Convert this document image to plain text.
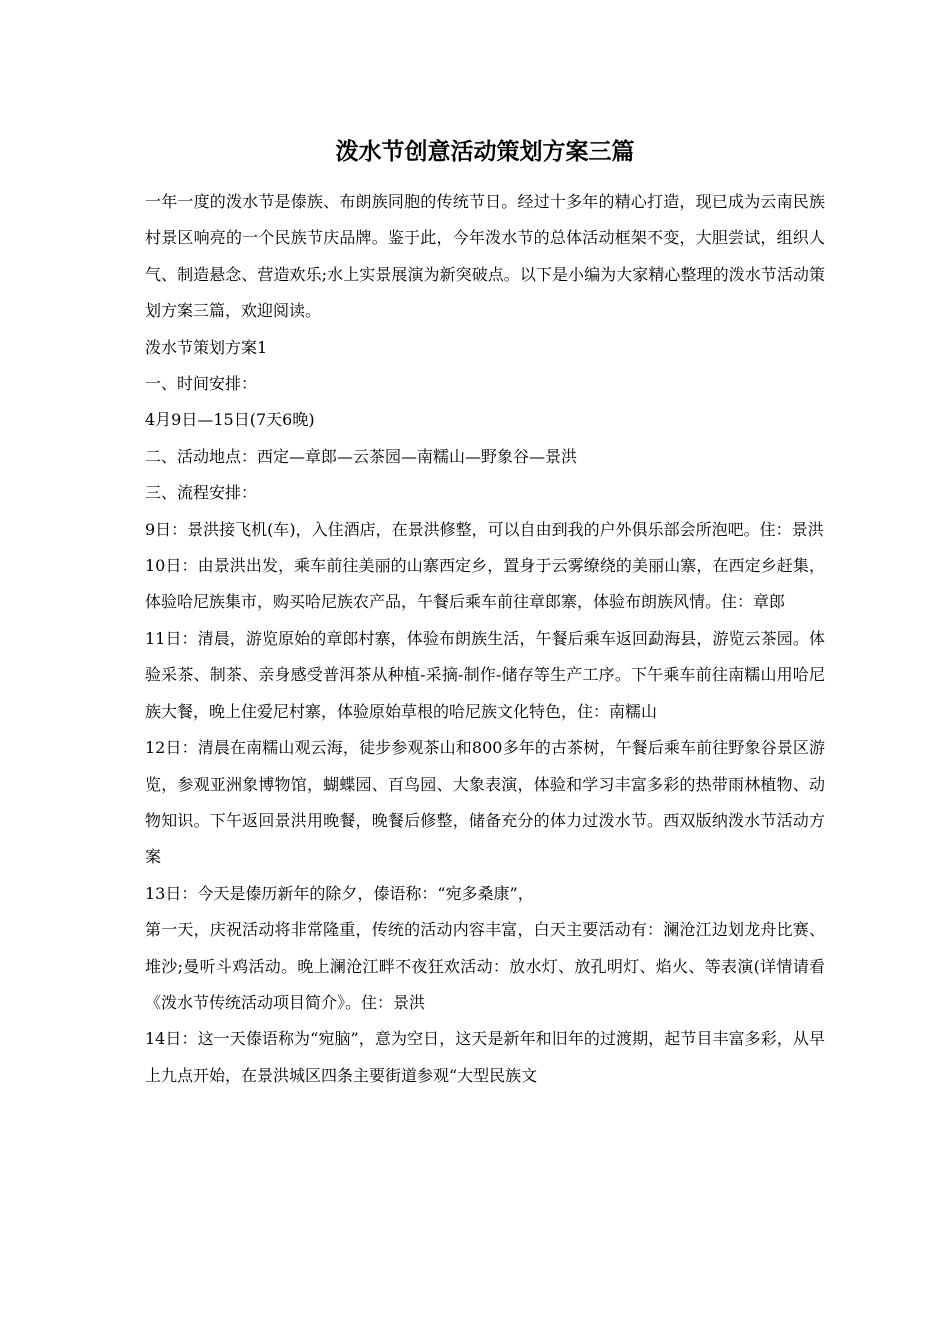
泼水节创意活动策划方案三篇

一年一度的泼水节是傣族、布朗族同胞的传统节日。经过十多年的精心打造，现已成为云南民族村景区响亮的一个民族节庆品牌。鉴于此，今年泼水节的总体活动框架不变，大胆尝试，组织人气、制造悬念、营造欢乐;水上实景展演为新突破点。以下是小编为大家精心整理的泼水节活动策划方案三篇，欢迎阅读。

泼水节策划方案1

一、时间安排：

4月9日—15日(7天6晚)

二、活动地点：西定—章郎—云茶园—南糯山—野象谷—景洪

三、流程安排：

9日：景洪接飞机(车)，入住酒店，在景洪修整，可以自由到我的户外俱乐部会所泡吧。住：景洪

10日：由景洪出发，乘车前往美丽的山寨西定乡，置身于云雾缭绕的美丽山寨，在西定乡赶集，体验哈尼族集市，购买哈尼族农产品，午餐后乘车前往章郎寨，体验布朗族风情。住：章郎

11日：清晨，游览原始的章郎村寨，体验布朗族生活，午餐后乘车返回勐海县，游览云茶园。体验采茶、制茶、亲身感受普洱茶从种植-采摘-制作-储存等生产工序。下午乘车前往南糯山用哈尼族大餐，晚上住爱尼村寨，体验原始草根的哈尼族文化特色，住：南糯山

12日：清晨在南糯山观云海，徒步参观茶山和800多年的古茶树，午餐后乘车前往野象谷景区游览，参观亚洲象博物馆，蝴蝶园、百鸟园、大象表演，体验和学习丰富多彩的热带雨林植物、动物知识。下午返回景洪用晚餐，晚餐后修整，储备充分的体力过泼水节。西双版纳泼水节活动方案

13日：今天是傣历新年的除夕，傣语称：“宛多桑康”，

第一天，庆祝活动将非常隆重，传统的活动内容丰富，白天主要活动有：澜沧江边划龙舟比赛、堆沙;曼听斗鸡活动。晚上澜沧江畔不夜狂欢活动：放水灯、放孔明灯、焰火、等表演(详情请看《泼水节传统活动项目简介》。住：景洪

14日：这一天傣语称为“宛脑”，意为空日，这天是新年和旧年的过渡期，起节目丰富多彩，从早上九点开始，在景洪城区四条主要街道参观“大型民族文
